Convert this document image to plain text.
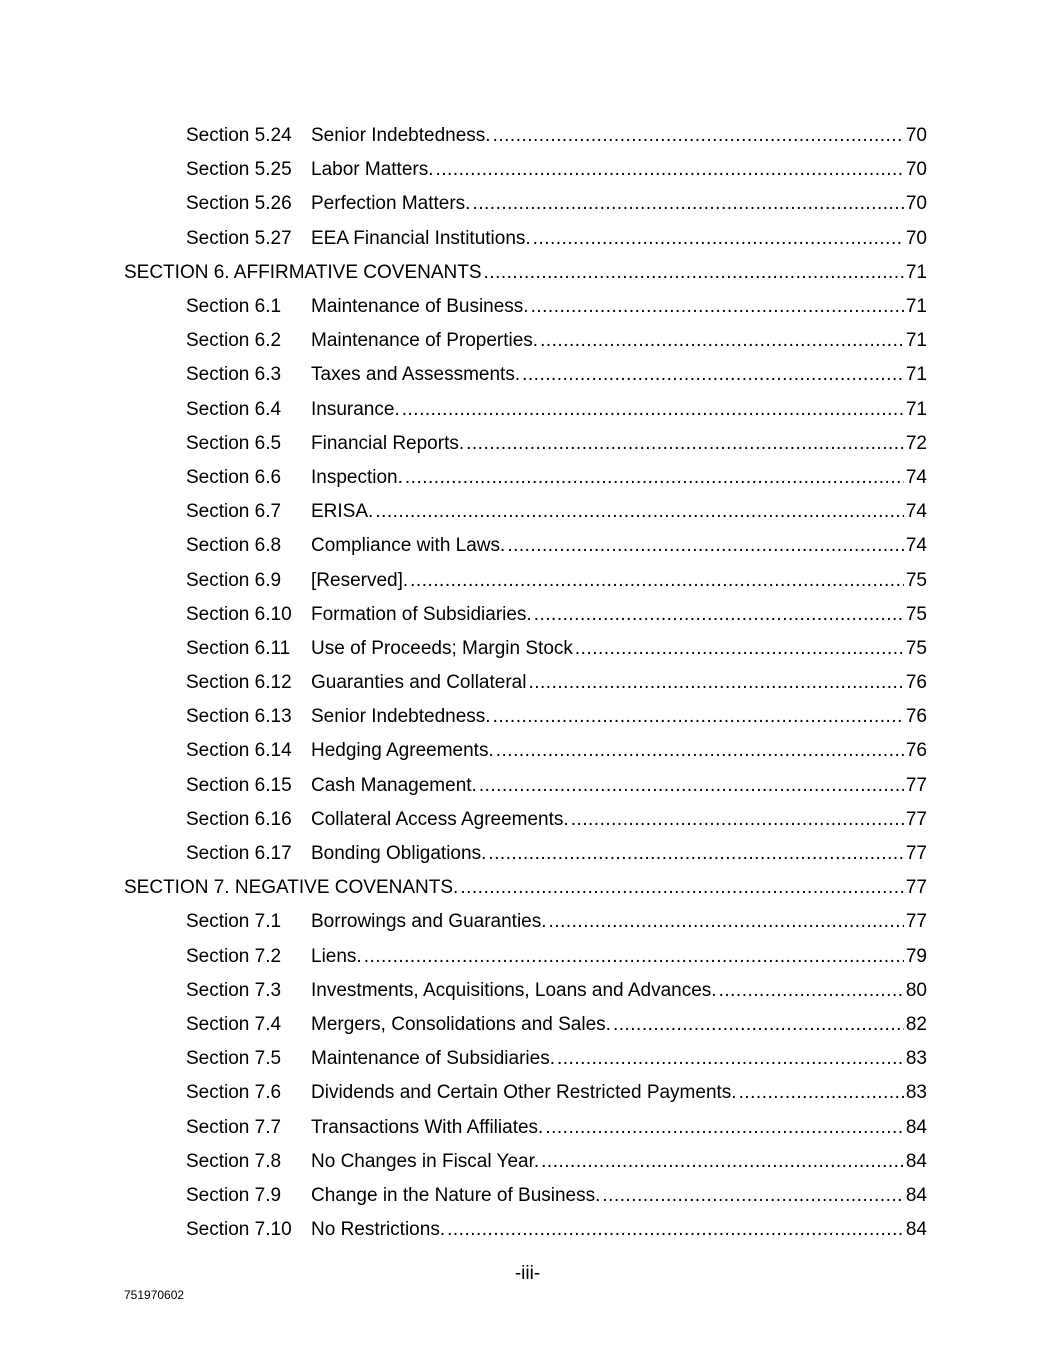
Section 5.24 Senior Indebtedness. .....	70
Section 5.25 Labor Matters. .....	70
Section 5.26 Perfection Matters. .....	70
Section 5.27 EEA Financial Institutions. .....	70
SECTION 6. AFFIRMATIVE COVENANTS .....	71
Section 6.1 Maintenance of Business. .....	71
Section 6.2 Maintenance of Properties. .....	71
Section 6.3 Taxes and Assessments. .....	71
Section 6.4 Insurance. .....	71
Section 6.5 Financial Reports. .....	72
Section 6.6 Inspection. .....	74
Section 6.7 ERISA. .....	74
Section 6.8 Compliance with Laws. .....	74
Section 6.9 [Reserved]. .....	75
Section 6.10 Formation of Subsidiaries. .....	75
Section 6.11 Use of Proceeds; Margin Stock .....	75
Section 6.12 Guaranties and Collateral .....	76
Section 6.13 Senior Indebtedness. .....	76
Section 6.14 Hedging Agreements. .....	76
Section 6.15 Cash Management. .....	77
Section 6.16 Collateral Access Agreements. .....	77
Section 6.17 Bonding Obligations. .....	77
SECTION 7. NEGATIVE COVENANTS. .....	77
Section 7.1 Borrowings and Guaranties. .....	77
Section 7.2 Liens. .....	79
Section 7.3 Investments, Acquisitions, Loans and Advances. .....	80
Section 7.4 Mergers, Consolidations and Sales. .....	82
Section 7.5 Maintenance of Subsidiaries. .....	83
Section 7.6 Dividends and Certain Other Restricted Payments. .....	83
Section 7.7 Transactions With Affiliates. .....	84
Section 7.8 No Changes in Fiscal Year. .....	84
Section 7.9 Change in the Nature of Business. .....	84
Section 7.10 No Restrictions. .....	84
-iii-
751970602
